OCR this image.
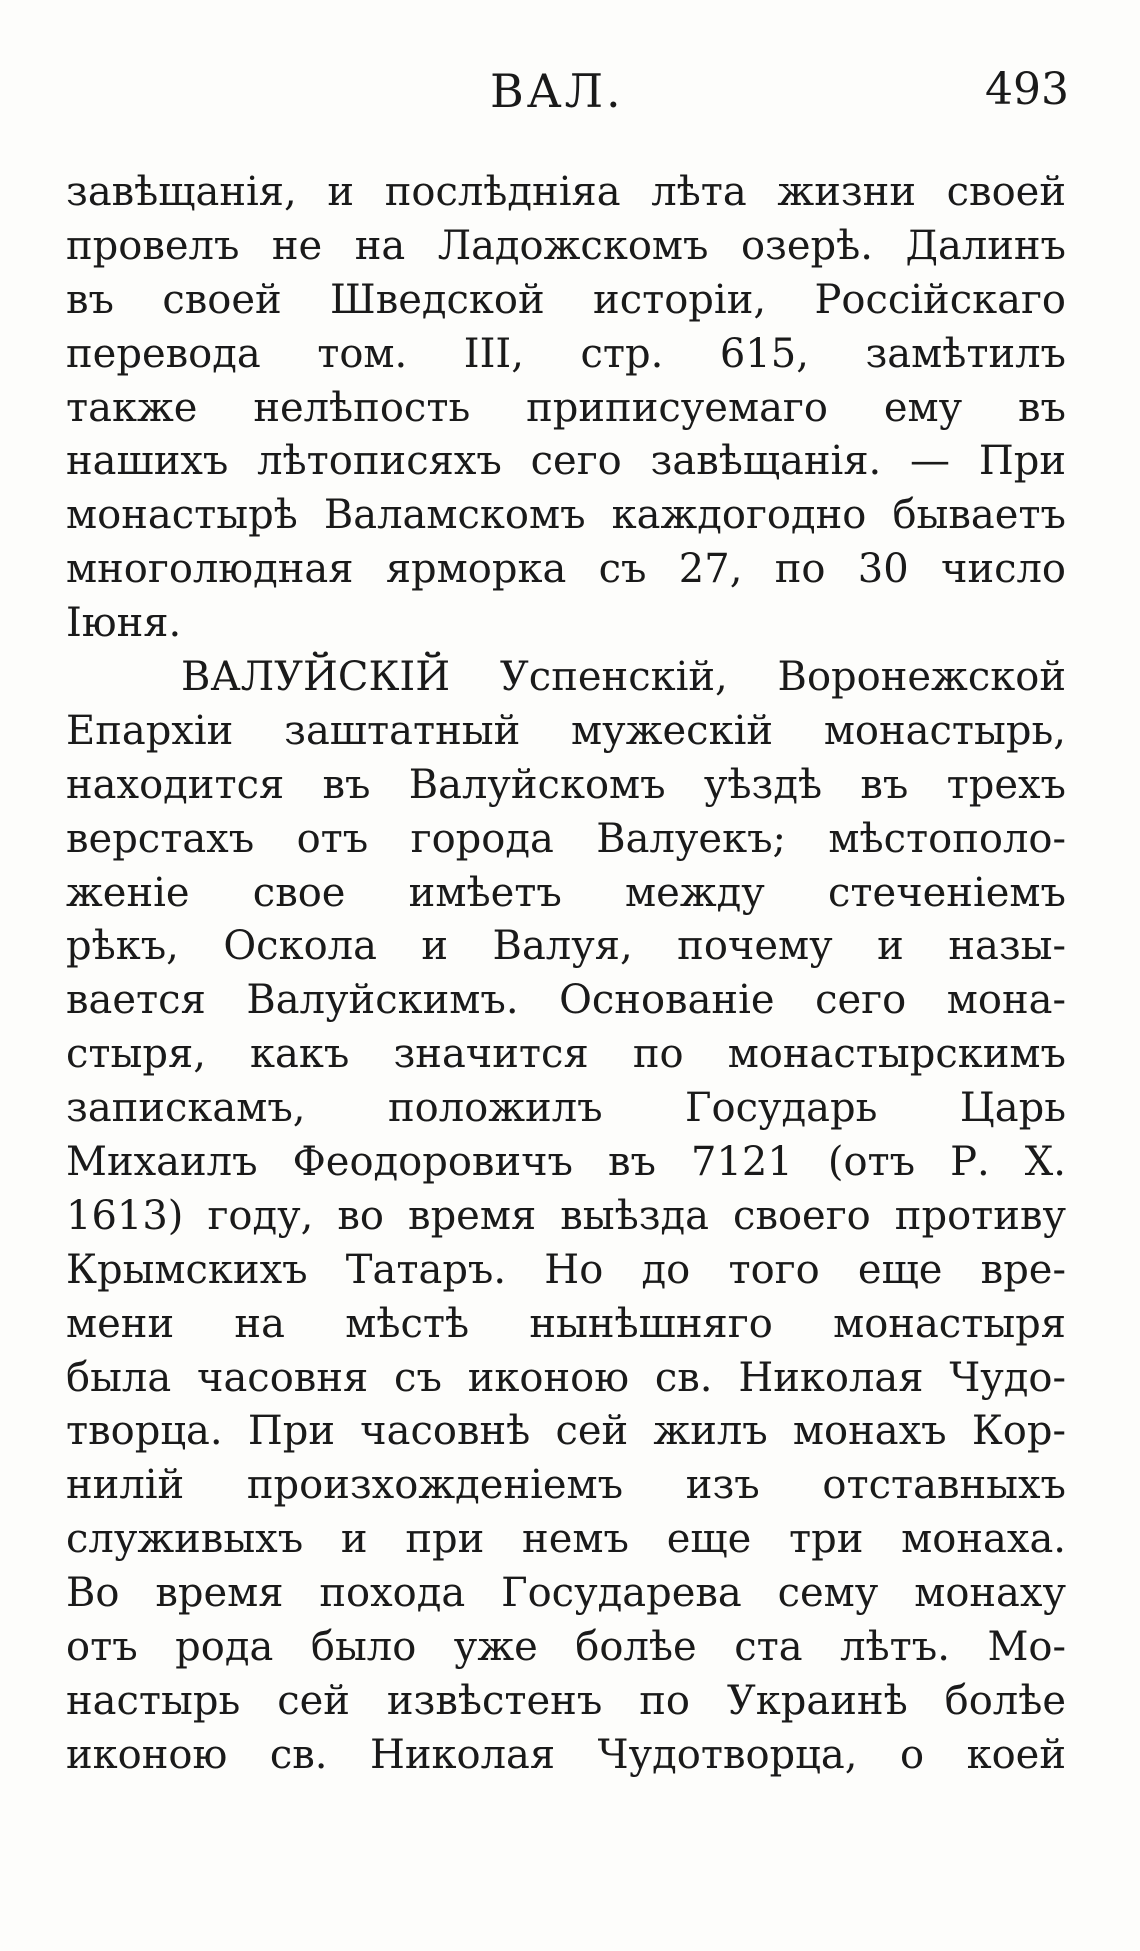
ВАЛ.	493
завѣщанія, и послѣдніяа лѣта жизни своей
провелъ не на Ладожскомъ озерѣ. Далинъ
въ своей Шведской исторіи, Россійскаго
перевода том. III, стр. 615, замѣтилъ
также нелѣпость приписуемаго ему въ
нашихъ лѣтописяхъ сего завѣщанія. — При
монастырѣ Валамскомъ каждогодно бываетъ
многолюдная ярморка съ 27, по 30 число
Іюня.
ВАЛУЙСКІЙ Успенскій, Воронежской
Епархіи заштатный мужескій монастырь,
находится въ Валуйскомъ уѣздѣ въ трехъ
верстахъ отъ города Валуекъ; мѣстополо-
женіе свое имѣетъ между стеченіемъ
рѣкъ, Оскола и Валуя, почему и назы-
вается Валуйскимъ. Основаніе сего мона-
стыря, какъ значится по монастырскимъ
запискамъ, положилъ Государь Царь
Михаилъ Феодоровичъ въ 7121 (отъ Р. Х.
1613) году, во время выѣзда своего противу
Крымскихъ Татаръ. Но до того еще вре-
мени на мѣстѣ нынѣшняго монастыря
была часовня съ иконою св. Николая Чудо-
творца. При часовнѣ сей жилъ монахъ Кор-
нилій произхожденіемъ изъ отставныхъ
служивыхъ и при немъ еще три монаха.
Во время похода Государева сему монаху
отъ рода было уже болѣе ста лѣтъ. Мо-
настырь сей извѣстенъ по Украинѣ болѣе
иконою св. Николая Чудотворца, о коей
